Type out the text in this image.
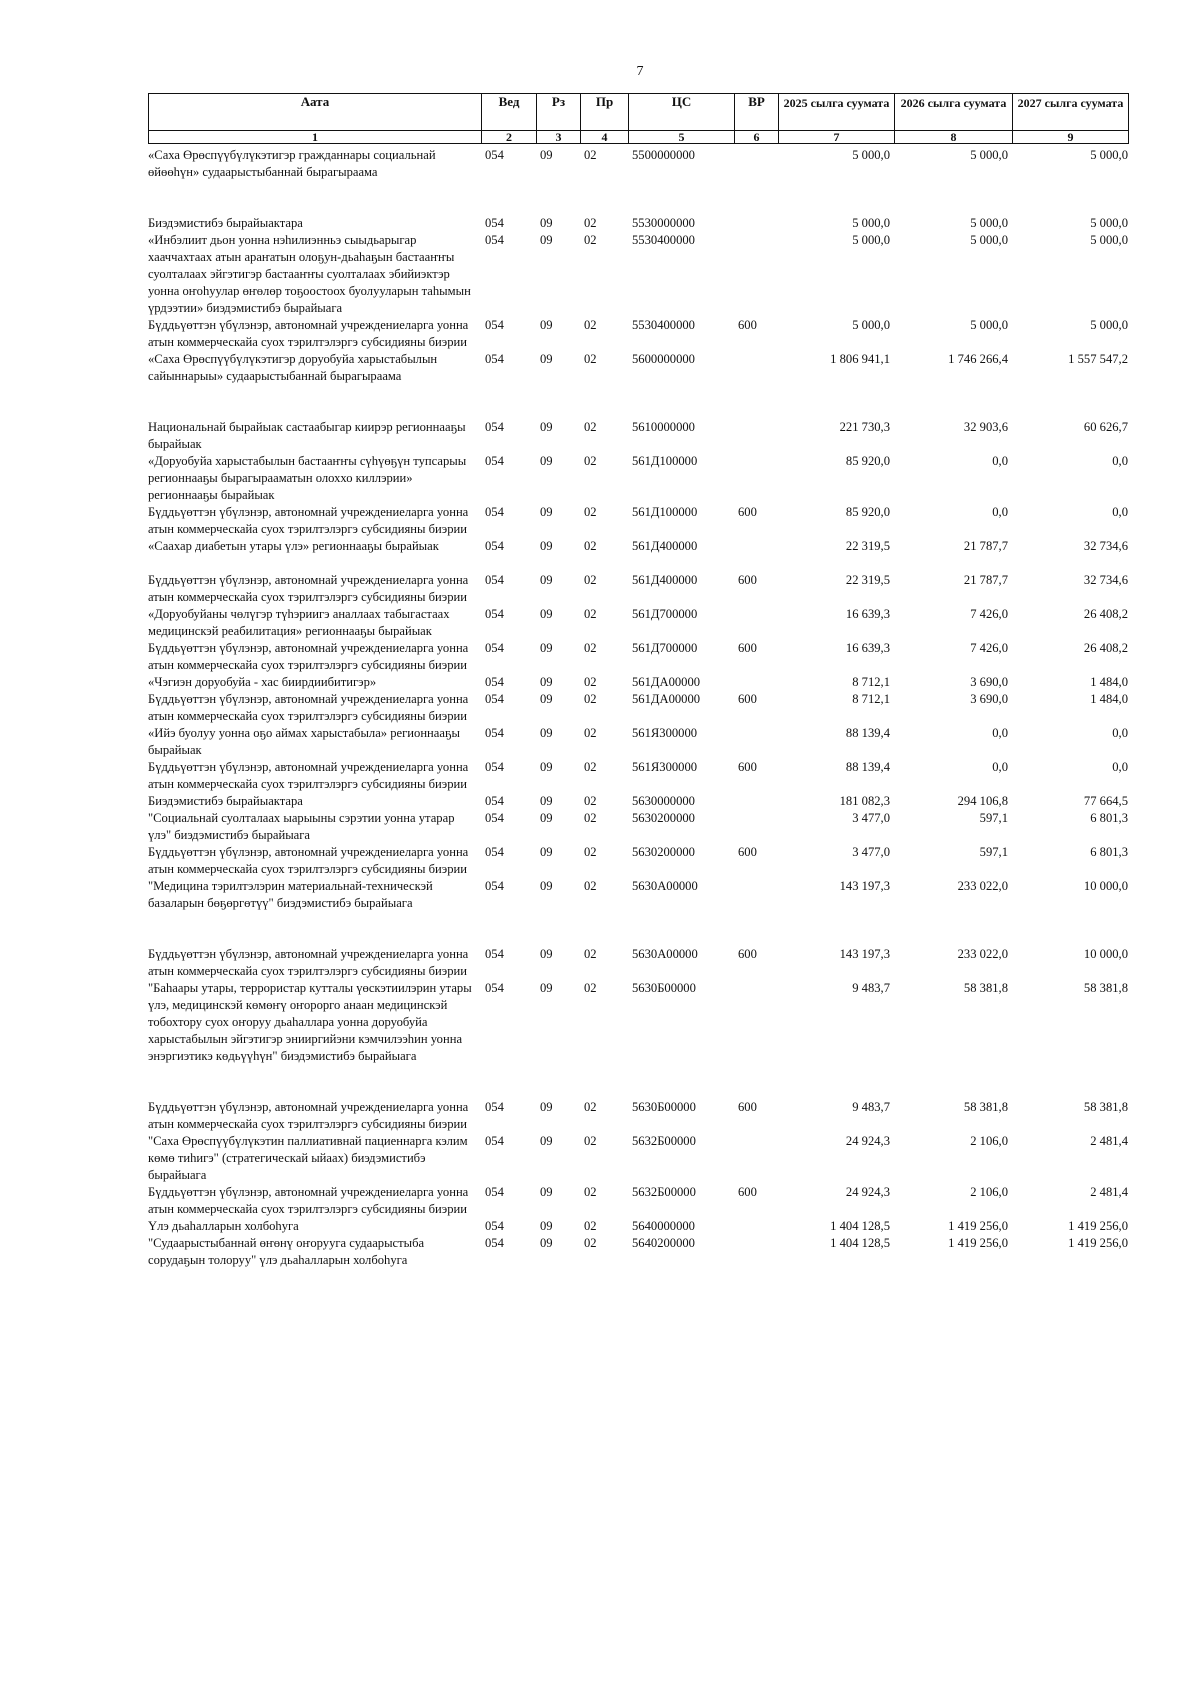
7
Аата	Вед	Рз	Пр	ЦС	ВР	2025 сылга суумата	2026 сылга суумата	2027 сылга суумата
1	2	3	4	5	6	7	8	9
«Саха Өрөспүүбүлүкэтигэр гражданнары социальнай өйөөһүн» судаарыстыбаннай бырагыраама	054	09	02	5500000000		5 000,0	5 000,0	5 000,0
Биэдэмистибэ бырайыактара	054	09	02	5530000000		5 000,0	5 000,0	5 000,0
«Инбэлиит дьон уонна нэһилиэнньэ сыыдьарыгар хааччахтаах атын араҥатын олоҕун-дьаһаҕын бастааҥҥы суолталаах эйгэтигэр бастааҥҥы суолталаах эбийиэктэр уонна оҥоһуулар өҥөлөр тоҕоостоох буолууларын таһымын үрдээтии» биэдэмистибэ бырайыага	054	09	02	5530400000		5 000,0	5 000,0	5 000,0
Бүддьүөттэн үбүлэнэр, автономнай учреждениеларга уонна атын коммерческайа суох тэрилтэлэргэ субсидияны биэрии	054	09	02	5530400000	600	5 000,0	5 000,0	5 000,0
«Саха Өрөспүүбүлүкэтигэр доруобуйа харыстабылын сайыннарыы» судаарыстыбаннай бырагыраама	054	09	02	5600000000		1 806 941,1	1 746 266,4	1 557 547,2
Национальнай бырайыак састаабыгар киирэр регионнааҕы бырайыак	054	09	02	5610000000		221 730,3	32 903,6	60 626,7
«Доруобуйа харыстабылын бастааҥҥы сүһүөҕүн тупсарыы регионнааҕы бырагырааматын олоххо киллэрии» регионнааҕы бырайыак	054	09	02	561Д100000		85 920,0	0,0	0,0
Бүддьүөттэн үбүлэнэр, автономнай учреждениеларга уонна атын коммерческайа суох тэрилтэлэргэ субсидияны биэрии	054	09	02	561Д100000	600	85 920,0	0,0	0,0
«Саахар диабетын утары үлэ» регионнааҕы бырайыак	054	09	02	561Д400000		22 319,5	21 787,7	32 734,6
Бүддьүөттэн үбүлэнэр, автономнай учреждениеларга уонна атын коммерческайа суох тэрилтэлэргэ субсидияны биэрии	054	09	02	561Д400000	600	22 319,5	21 787,7	32 734,6
«Доруобуйаны чөлүгэр түһэриигэ аналлаах табыгастаах медицинскэй реабилитация» регионнааҕы бырайыак	054	09	02	561Д700000		16 639,3	7 426,0	26 408,2
Бүддьүөттэн үбүлэнэр, автономнай учреждениеларга уонна атын коммерческайа суох тэрилтэлэргэ субсидияны биэрии	054	09	02	561Д700000	600	16 639,3	7 426,0	26 408,2
«Чэгиэн доруобуйа - хас биирдиибитигэр»	054	09	02	561ДА00000		8 712,1	3 690,0	1 484,0
Бүддьүөттэн үбүлэнэр, автономнай учреждениеларга уонна атын коммерческайа суох тэрилтэлэргэ субсидияны биэрии	054	09	02	561ДА00000	600	8 712,1	3 690,0	1 484,0
«Ийэ буолуу уонна оҕо аймах харыстабыла» регионнааҕы бырайыак	054	09	02	561Я300000		88 139,4	0,0	0,0
Бүддьүөттэн үбүлэнэр, автономнай учреждениеларга уонна атын коммерческайа суох тэрилтэлэргэ субсидияны биэрии	054	09	02	561Я300000	600	88 139,4	0,0	0,0
Биэдэмистибэ бырайыактара	054	09	02	5630000000		181 082,3	294 106,8	77 664,5
"Социальнай суолталаах ыарыыны сэрэтии уонна утарар үлэ" биэдэмистибэ бырайыага	054	09	02	5630200000		3 477,0	597,1	6 801,3
Бүддьүөттэн үбүлэнэр, автономнай учреждениеларга уонна атын коммерческайа суох тэрилтэлэргэ субсидияны биэрии	054	09	02	5630200000	600	3 477,0	597,1	6 801,3
"Медицина тэрилтэлэрин материальнай-техническэй базаларын бөҕөргөтүү" биэдэмистибэ бырайыага	054	09	02	5630А00000		143 197,3	233 022,0	10 000,0
Бүддьүөттэн үбүлэнэр, автономнай учреждениеларга уонна атын коммерческайа суох тэрилтэлэргэ субсидияны биэрии	054	09	02	5630А00000	600	143 197,3	233 022,0	10 000,0
"Баһаары утары, террористар кутталы үөскэтиилэрин утары үлэ, медицинскэй көмөҥү оҥорорго анаан медицинскэй тобохтору суох оҥоруу дьаһаллара уонна доруобуйа харыстабылын эйгэтигэр энииргийэни кэмчилээһин уонна энэргиэтикэ көдьүүһүн" биэдэмистибэ бырайыага	054	09	02	5630Б00000		9 483,7	58 381,8	58 381,8
Бүддьүөттэн үбүлэнэр, автономнай учреждениеларга уонна атын коммерческайа суох тэрилтэлэргэ субсидияны биэрии	054	09	02	5630Б00000	600	9 483,7	58 381,8	58 381,8
"Саха Өрөспүүбүлүкэтин паллиативнай пациеннарга кэлим көмө тиһигэ" (стратегическай ыйаах) биэдэмистибэ бырайыага	054	09	02	5632Б00000		24 924,3	2 106,0	2 481,4
Бүддьүөттэн үбүлэнэр, автономнай учреждениеларга уонна атын коммерческайа суох тэрилтэлэргэ субсидияны биэрии	054	09	02	5632Б00000	600	24 924,3	2 106,0	2 481,4
Үлэ дьаһалларын холбоһуга	054	09	02	5640000000		1 404 128,5	1 419 256,0	1 419 256,0
"Судаарыстыбаннай өҥөнү оҥорууга судаарыстыба сорудаҕын толоруу" үлэ дьаһалларын холбоһуга	054	09	02	5640200000		1 404 128,5	1 419 256,0	1 419 256,0
